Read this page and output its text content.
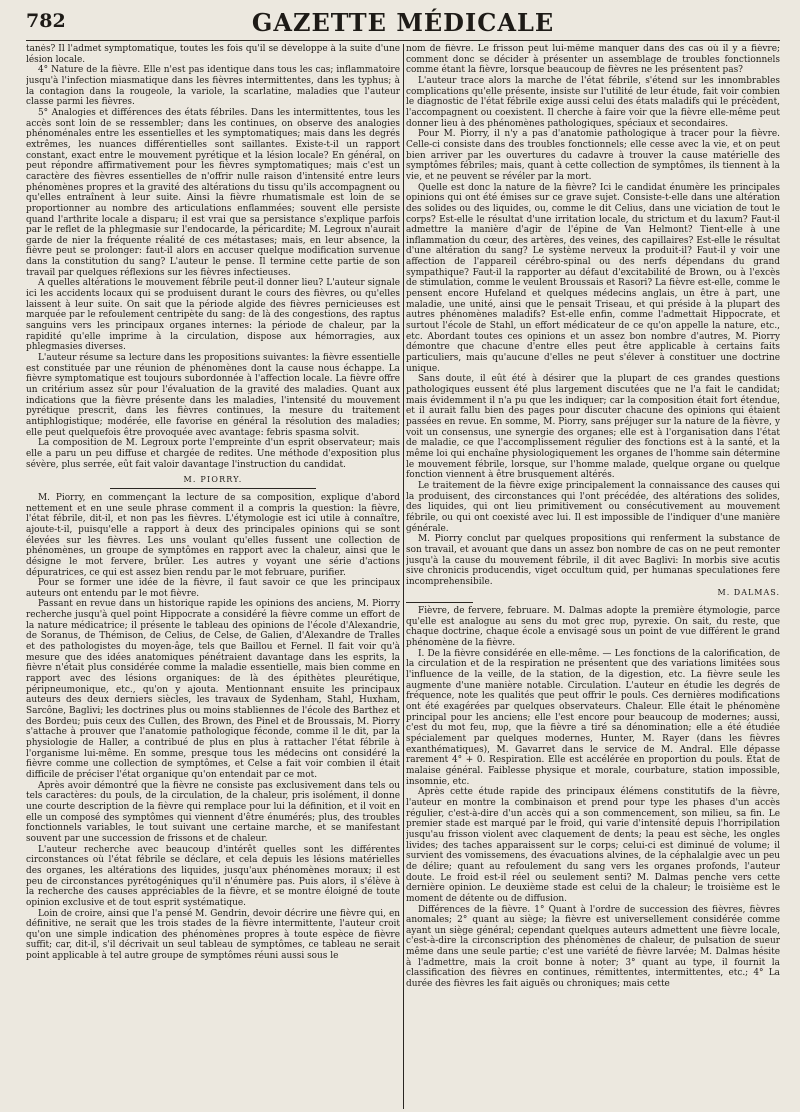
782	GAZETTE MÉDICALE

tanés? Il l'admet symptomatique, toutes les fois qu'il se développe à la suite d'une lésion locale.

4° Nature de la fièvre. Elle n'est pas identique dans tous les cas; inflammatoire jusqu'à l'infection miasmatique dans les fièvres intermittentes, dans les typhus; à la contagion dans la rougeole, la variole, la scarlatine, maladies que l'auteur classe parmi les fièvres.

5° Analogies et différences des états fébriles. Dans les intermittentes, tous les accès sont loin de se ressembler; dans les continues, on observe des analogies phénoménales entre les essentielles et les symptomatiques; mais dans les degrés extrêmes, les nuances différentielles sont saillantes. Existe-t-il un rapport constant, exact entre le mouvement pyrétique et la lésion locale? En général, on peut répondre affirmativement pour les fièvres symptomatiques; mais c'est un caractère des fièvres essentielles de n'offrir nulle raison d'intensité entre leurs phénomènes propres et la gravité des altérations du tissu qu'ils accompagnent ou qu'elles entraînent à leur suite. Ainsi la fièvre rhumatismale est loin de se proportionner au nombre des articulations enflammées; souvent elle persiste quand l'arthrite locale a disparu; il est vrai que sa persistance s'explique parfois par le reflet de la phlegmasie sur l'endocarde, la péricardite; M. Legroux n'aurait garde de nier la fréquente réalité de ces métastases; mais, en leur absence, la fièvre peut se prolonger: faut-il alors en accuser quelque modification survenue dans la constitution du sang? L'auteur le pense. Il termine cette partie de son travail par quelques réflexions sur les fièvres infectieuses.

A quelles altérations le mouvement fébrile peut-il donner lieu? L'auteur signale ici les accidents locaux qui se produisent durant le cours des fièvres, ou qu'elles laissent à leur suite. On sait que la période algide des fièvres pernicieuses est marquée par le refoulement centripète du sang: de là des congestions, des raptus sanguins vers les principaux organes internes: la période de chaleur, par la rapidité qu'elle imprime à la circulation, dispose aux hémorragies, aux phlegmasies diverses.

L'auteur résume sa lecture dans les propositions suivantes: la fièvre essentielle est constituée par une réunion de phénomènes dont la cause nous échappe. La fièvre symptomatique est toujours subordonnée à l'affection locale. La fièvre offre un critérium assez sûr pour l'évaluation de la gravité des maladies. Quant aux indications que la fièvre présente dans les maladies, l'intensité du mouvement pyrétique prescrit, dans les fièvres continues, la mesure du traitement antiphlogistique; modérée, elle favorise en général la résolution des maladies; elle peut quelquefois être provoquée avec avantage: febris spasma solvit.

La composition de M. Legroux porte l'empreinte d'un esprit observateur; mais elle a paru un peu diffuse et chargée de redites. Une méthode d'exposition plus sévère, plus serrée, eût fait valoir davantage l'instruction du candidat.

M. PIORRY.

M. Piorry, en commençant la lecture de sa composition, explique d'abord nettement et en une seule phrase comment il a compris la question: la fièvre, l'état fébrile, dit-il, et non pas les fièvres. L'étymologie est ici utile à connaître, ajoute-t-il, puisqu'elle a rapport à deux des principales opinions qui se sont élevées sur les fièvres. Les uns voulant qu'elles fussent une collection de phénomènes, un groupe de symptômes en rapport avec la chaleur, ainsi que le désigne le mot fervere, brûler. Les autres y voyant une série d'actions dépuratrices, ce qui est assez bien rendu par le mot februare, purifier.

Pour se former une idée de la fièvre, il faut savoir ce que les principaux auteurs ont entendu par le mot fièvre.

Passant en revue dans un historique rapide les opinions des anciens, M. Piorry recherche jusqu'à quel point Hippocrate a considéré la fièvre comme un effort de la nature médicatrice; il présente le tableau des opinions de l'école d'Alexandrie, de Soranus, de Thémison, de Celius, de Celse, de Galien, d'Alexandre de Tralles et des pathologistes du moyen-âge, tels que Baillou et Fernel. Il fait voir qu'à mesure que des idées anatomiques pénétraient davantage dans les esprits, la fièvre n'était plus considérée comme la maladie essentielle, mais bien comme en rapport avec des lésions organiques: de là des épithètes pleurétique, péripneumonique, etc., qu'on y ajouta. Mentionnant ensuite les principaux auteurs des deux derniers siècles, les travaux de Sydenham, Stahl, Huxham, Sarcône, Baglivi; les doctrines plus ou moins stabliennes de l'école des Barthez et des Bordeu; puis ceux des Cullen, des Brown, des Pinel et de Broussais, M. Piorry s'attache à prouver que l'anatomie pathologique féconde, comme il le dit, par la physiologie de Haller, a contribué de plus en plus à rattacher l'état fébrile à l'organisme lui-même. En somme, presque tous les médecins ont considéré la fièvre comme une collection de symptômes, et Celse a fait voir combien il était difficile de préciser l'état organique qu'on entendait par ce mot.

Après avoir démontré que la fièvre ne consiste pas exclusivement dans tels ou tels caractères: du pouls, de la circulation, de la chaleur, pris isolément, il donne une courte description de la fièvre qui remplace pour lui la définition, et il voit en elle un composé des symptômes qui viennent d'être énumérés; plus, des troubles fonctionnels variables, le tout suivant une certaine marche, et se manifestant souvent par une succession de frissons et de chaleur.

L'auteur recherche avec beaucoup d'intérêt quelles sont les différentes circonstances où l'état fébrile se déclare, et cela depuis les lésions matérielles des organes, les altérations des liquides, jusqu'aux phénomènes moraux; il est peu de circonstances pyrétogéniques qu'il n'énumère pas. Puis alors, il s'élève à la recherche des causes appréciables de la fièvre, et se montre éloigné de toute opinion exclusive et de tout esprit systématique.

Loin de croire, ainsi que l'a pensé M. Gendrin, devoir décrire une fièvre qui, en définitive, ne serait que les trois stades de la fièvre intermittente, l'auteur croit qu'on une simple indication des phénomènes propres à toute espèce de fièvre suffit; car, dit-il, s'il décrivait un seul tableau de symptômes, ce tableau ne serait point applicable à tel autre groupe de symptômes réuni aussi sous le

nom de fièvre. Le frisson peut lui-même manquer dans des cas où il y a fièvre; comment donc se décider à présenter un assemblage de troubles fonctionnels comme étant la fièvre, lorsque beaucoup de fièvres ne les présentent pas?

L'auteur trace alors la marche de l'état fébrile, s'étend sur les innombrables complications qu'elle présente, insiste sur l'utilité de leur étude, fait voir combien le diagnostic de l'état fébrile exige aussi celui des états maladifs qui le précèdent, l'accompagnent ou coexistent. Il cherche à faire voir que la fièvre elle-même peut donner lieu à des phénomènes pathologiques, spéciaux et secondaires.

Pour M. Piorry, il n'y a pas d'anatomie pathologique à tracer pour la fièvre. Celle-ci consiste dans des troubles fonctionnels; elle cesse avec la vie, et on peut bien arriver par les ouvertures du cadavre à trouver la cause matérielle des symptômes fébriles; mais, quant à cette collection de symptômes, ils tiennent à la vie, et ne peuvent se révéler par la mort.

Quelle est donc la nature de la fièvre? Ici le candidat énumère les principales opinions qui ont été émises sur ce grave sujet. Consiste-t-elle dans une altération des solides ou des liquides, ou, comme le dit Celius, dans une viciation de tout le corps? Est-elle le résultat d'une irritation locale, du strictum et du laxum? Faut-il admettre la manière d'agir de l'épine de Van Helmont? Tient-elle à une inflammation du cœur, des artères, des veines, des capillaires? Est-elle le résultat d'une altération du sang? Le système nerveux la produit-il? Faut-il y voir une affection de l'appareil cérébro-spinal ou des nerfs dépendans du grand sympathique? Faut-il la rapporter au défaut d'excitabilité de Brown, ou à l'excès de stimulation, comme le veulent Broussais et Rasori? La fièvre est-elle, comme le pensent encore Hufeland et quelques médecins anglais, un être à part, une maladie, une unité, ainsi que le pensait Triseau, et qui préside à la plupart des autres phénomènes maladifs? Est-elle enfin, comme l'admettait Hippocrate, et surtout l'école de Stahl, un effort médicateur de ce qu'on appelle la nature, etc., etc. Abordant toutes ces opinions et un assez bon nombre d'autres, M. Piorry démontre que chacune d'entre elles peut être applicable à certains faits particuliers, mais qu'aucune d'elles ne peut s'élever à constituer une doctrine unique.

Sans doute, il eût été à désirer que la plupart de ces grandes questions pathologiques eussent été plus largement discutées que ne l'a fait le candidat; mais évidemment il n'a pu que les indiquer; car la composition était fort étendue, et il aurait fallu bien des pages pour discuter chacune des opinions qui étaient passées en revue. En somme, M. Piorry, sans préjuger sur la nature de la fièvre, y voit un consensus, une synergie des organes; elle est à l'organisation dans l'état de maladie, ce que l'accomplissement régulier des fonctions est à la santé, et la même loi qui enchaîne physiologiquement les organes de l'homme sain détermine le mouvement fébrile, lorsque, sur l'homme malade, quelque organe ou quelque fonction viennent à être brusquement altérés.

Le traitement de la fièvre exige principalement la connaissance des causes qui la produisent, des circonstances qui l'ont précédée, des altérations des solides, des liquides, qui ont lieu primitivement ou consécutivement au mouvement fébrile, ou qui ont coexisté avec lui. Il est impossible de l'indiquer d'une manière générale.

M. Piorry conclut par quelques propositions qui renferment la substance de son travail, et avouant que dans un assez bon nombre de cas on ne peut remonter jusqu'à la cause du mouvement fébrile, il dit avec Baglivi: In morbis sive acutis sive chronicis producendis, viget occultum quid, per humanas speculationes fere incomprehensibile.

M. DALMAS.

Fièvre, de fervere, februare. M. Dalmas adopte la première étymologie, parce qu'elle est analogue au sens du mot grec πυρ, pyrexie. On sait, du reste, que chaque doctrine, chaque école a envisagé sous un point de vue différent le grand phénomène de la fièvre.

I. De la fièvre considérée en elle-même. — Les fonctions de la calorification, de la circulation et de la respiration ne présentent que des variations limitées sous l'influence de la veille, de la station, de la digestion, etc. La fièvre seule les augmente d'une manière notable. Circulation. L'auteur en étudie les degrés de fréquence, note les qualités que peut offrir le pouls. Ces dernières modifications ont été exagérées par quelques observateurs. Chaleur. Elle était le phénomène principal pour les anciens; elle l'est encore pour beaucoup de modernes; aussi, c'est du mot feu, πυρ, que la fièvre a tiré sa dénomination; elle a été étudiée spécialement par quelques modernes, Hunter, M. Rayer (dans les fièvres exanthématiques), M. Gavarret dans le service de M. Andral. Elle dépasse rarement 4° + 0. Respiration. Elle est accélérée en proportion du pouls. État de malaise général. Faiblesse physique et morale, courbature, station impossible, insomnie, etc.

Après cette étude rapide des principaux élémens constitutifs de la fièvre, l'auteur en montre la combinaison et prend pour type les phases d'un accès régulier, c'est-à-dire d'un accès qui a son commencement, son milieu, sa fin. Le premier stade est marqué par le froid, qui varie d'intensité depuis l'horripilation jusqu'au frisson violent avec claquement de dents; la peau est sèche, les ongles livides; des taches apparaissent sur le corps; celui-ci est diminué de volume; il survient des vomissemens, des évacuations alvines, de la céphalalgie avec un peu de délire; quant au refoulement du sang vers les organes profonds, l'auteur doute. Le froid est-il réel ou seulement senti? M. Dalmas penche vers cette dernière opinion. Le deuxième stade est celui de la chaleur; le troisième est le moment de détente ou de diffusion.

Différences de la fièvre. 1° Quant à l'ordre de succession des fièvres, fièvres anomales; 2° quant au siège; la fièvre est universellement considérée comme ayant un siège général; cependant quelques auteurs admettent une fièvre locale, c'est-à-dire la circonscription des phénomènes de chaleur, de pulsation de sueur même dans une seule partie; c'est une variété de fièvre larvée; M. Dalmas hésite à l'admettre, mais la croit bonne à noter; 3° quant au type, il fournit la classification des fièvres en continues, rémittentes, intermittentes, etc.; 4° La durée des fièvres les fait aiguës ou chroniques; mais cette
